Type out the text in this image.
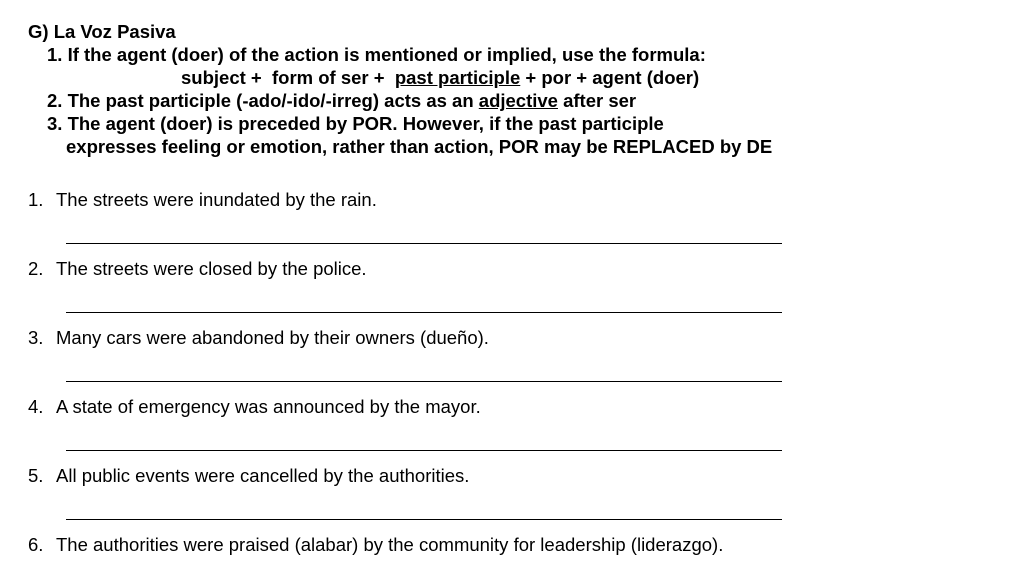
G) La Voz Pasiva
1. If the agent (doer) of the action is mentioned or implied, use the formula:
subject +  form of ser +  past participle + por + agent (doer)
2. The past participle (-ado/-ido/-irreg) acts as an adjective after ser
3. The agent (doer) is preceded by POR. However, if the past participle
expresses feeling or emotion, rather than action, POR may be REPLACED by DE
1. The streets were inundated by the rain.
2. The streets were closed by the police.
3. Many cars were abandoned by their owners (dueño).
4. A state of emergency was announced by the mayor.
5. All public events were cancelled by the authorities.
6. The authorities were praised (alabar) by the community for leadership (liderazgo).
